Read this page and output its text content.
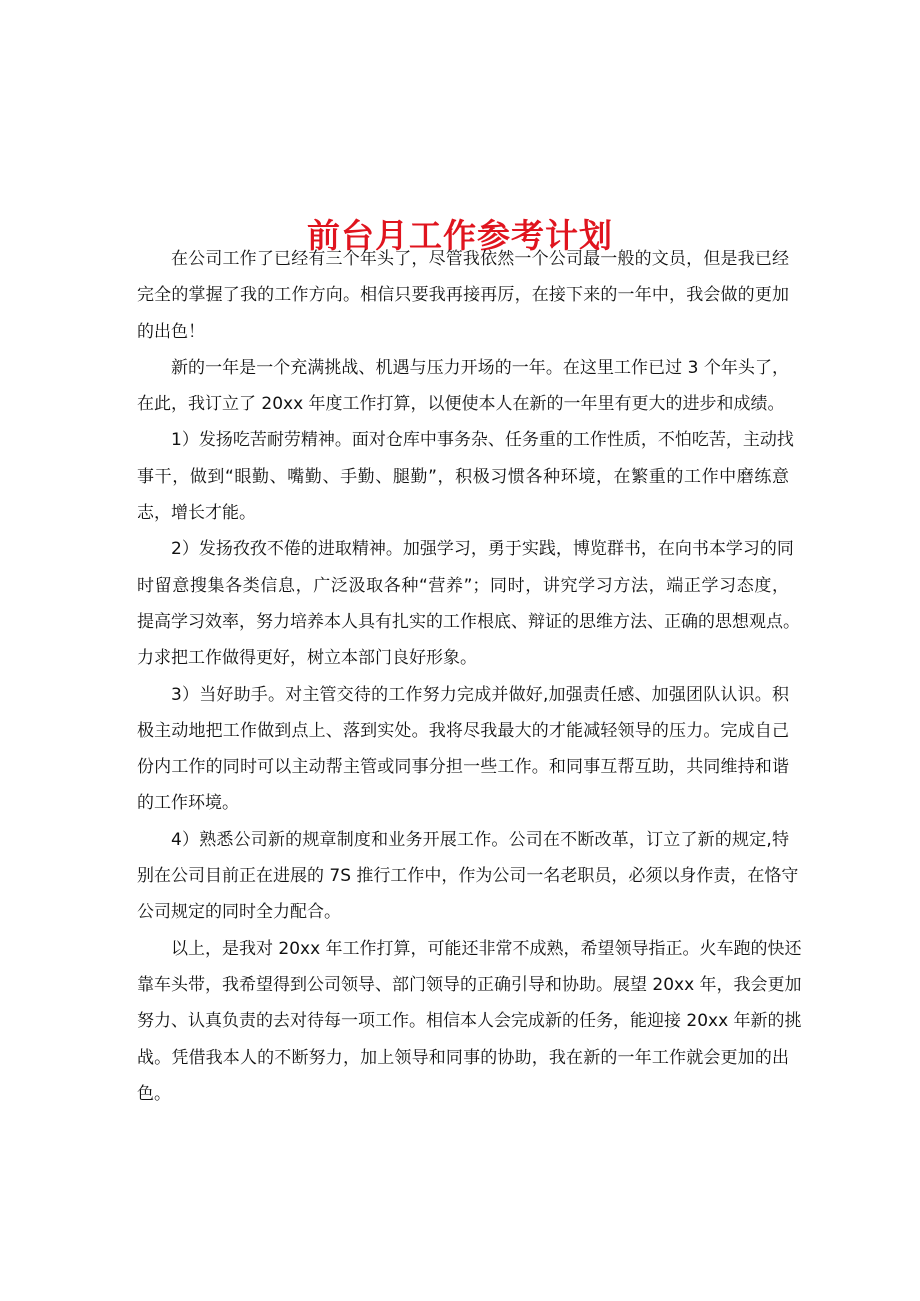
前台月工作参考计划
在公司工作了已经有三个年头了，尽管我依然一个公司最一般的文员，但是我已经
完全的掌握了我的工作方向。相信只要我再接再厉，在接下来的一年中，我会做的更加
的出色！
新的一年是一个充满挑战、机遇与压力开场的一年。在这里工作已过 3 个年头了，
在此，我订立了 20xx 年度工作打算，以便使本人在新的一年里有更大的进步和成绩。
1）发扬吃苦耐劳精神。面对仓库中事务杂、任务重的工作性质，不怕吃苦，主动找
事干，做到“眼勤、嘴勤、手勤、腿勤”，积极习惯各种环境，在繁重的工作中磨练意
志，增长才能。
2）发扬孜孜不倦的进取精神。加强学习，勇于实践，博览群书，在向书本学习的同
时留意搜集各类信息，广泛汲取各种“营养”；同时，讲究学习方法，端正学习态度，
提高学习效率，努力培养本人具有扎实的工作根底、辩证的思维方法、正确的思想观点。
力求把工作做得更好，树立本部门良好形象。
3）当好助手。对主管交待的工作努力完成并做好,加强责任感、加强团队认识。积
极主动地把工作做到点上、落到实处。我将尽我最大的才能减轻领导的压力。完成自己
份内工作的同时可以主动帮主管或同事分担一些工作。和同事互帮互助，共同维持和谐
的工作环境。
4）熟悉公司新的规章制度和业务开展工作。公司在不断改革，订立了新的规定,特
别在公司目前正在进展的 7S 推行工作中，作为公司一名老职员，必须以身作责，在恪守
公司规定的同时全力配合。
以上，是我对 20xx 年工作打算，可能还非常不成熟，希望领导指正。火车跑的快还
靠车头带，我希望得到公司领导、部门领导的正确引导和协助。展望 20xx 年，我会更加
努力、认真负责的去对待每一项工作。相信本人会完成新的任务，能迎接 20xx 年新的挑
战。凭借我本人的不断努力，加上领导和同事的协助，我在新的一年工作就会更加的出
色。
